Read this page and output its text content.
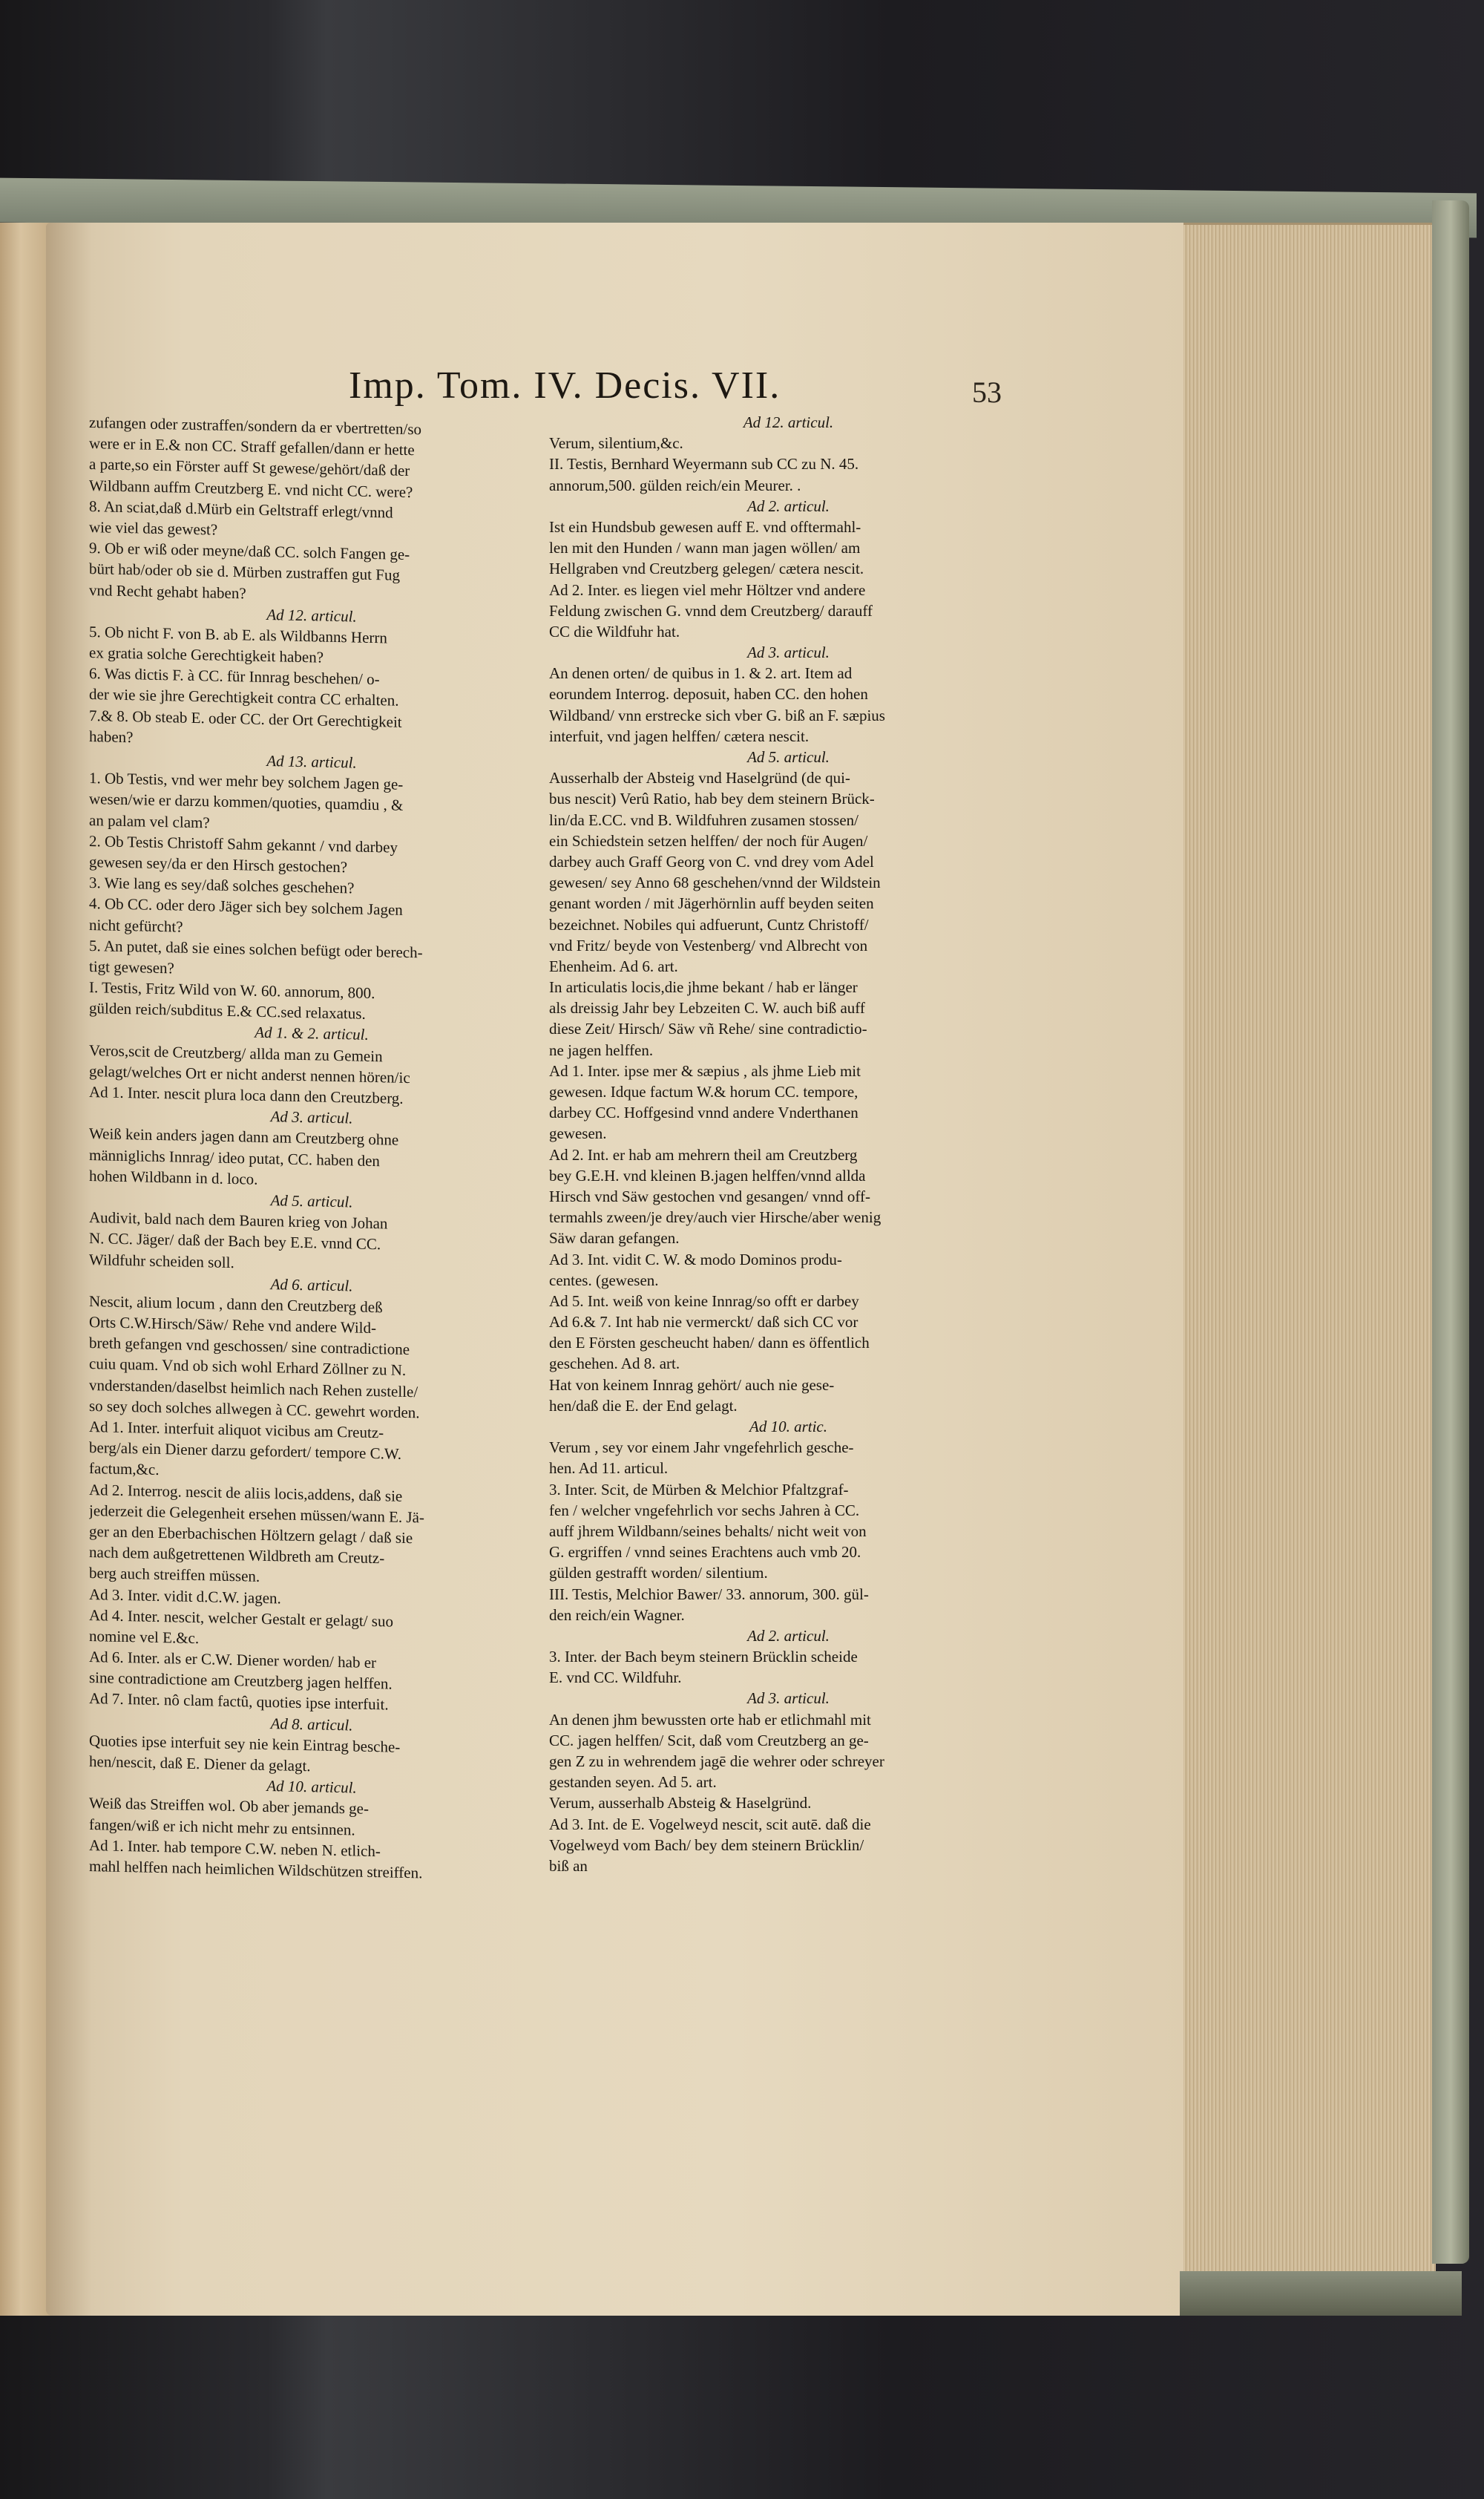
Imp. Tom. IV. Decis. VII.	53
zufangen oder zustraffen/sondern da er vbertretten/so
were er in E.& non CC. Straff gefallen/dann er hette
a parte,so ein Förster auff St gewese/gehört/daß der
Wildbann auffm Creutzberg E. vnd nicht CC. were?
8. An sciat,daß d.Mürb ein Geltstraff erlegt/vnnd
wie viel das gewest?
9. Ob er wiß oder meyne/daß CC. solch Fangen ge-
bürt hab/oder ob sie d. Mürben zustraffen gut Fug
vnd Recht gehabt haben?
Ad 12. articul.
5. Ob nicht F. von B. ab E. als Wildbanns Herrn
ex gratia solche Gerechtigkeit haben?
6. Was dictis F. à CC. für Innrag beschehen/ o-
der wie sie jhre Gerechtigkeit contra CC erhalten.
7.& 8. Ob steab E. oder CC. der Ort Gerechtigkeit
haben?
Ad 13. articul.
1. Ob Testis, vnd wer mehr bey solchem Jagen ge-
wesen/wie er darzu kommen/quoties, quamdiu , &
an palam vel clam?
2. Ob Testis Christoff Sahm gekannt / vnd darbey
gewesen sey/da er den Hirsch gestochen?
3. Wie lang es sey/daß solches geschehen?
4. Ob CC. oder dero Jäger sich bey solchem Jagen
nicht gefürcht?
5. An putet, daß sie eines solchen befügt oder berech-
tigt gewesen?
I. Testis, Fritz Wild von W. 60. annorum, 800.
gülden reich/subditus E.& CC.sed relaxatus.
Ad 1. & 2. articul.
Veros,scit de Creutzberg/ allda man zu Gemein
gelagt/welches Ort er nicht anderst nennen hören/ic
Ad 1. Inter. nescit plura loca dann den Creutzberg.
Ad 3. articul.
Weiß kein anders jagen dann am Creutzberg ohne
männiglichs Innrag/ ideo putat, CC. haben den
hohen Wildbann in d. loco.
Ad 5. articul.
Audivit, bald nach dem Bauren krieg von Johan
N. CC. Jäger/ daß der Bach bey E.E. vnnd CC.
Wildfuhr scheiden soll.
Ad 6. articul.
Nescit, alium locum , dann den Creutzberg deß
Orts C.W.Hirsch/Säw/ Rehe vnd andere Wild-
breth gefangen vnd geschossen/ sine contradictione
cuiu quam. Vnd ob sich wohl Erhard Zöllner zu N.
vnderstanden/daselbst heimlich nach Rehen zustelle/
so sey doch solches allwegen à CC. gewehrt worden.
Ad 1. Inter. interfuit aliquot vicibus am Creutz-
berg/als ein Diener darzu gefordert/ tempore C.W.
factum,&c.
Ad 2. Interrog. nescit de aliis locis,addens, daß sie
jederzeit die Gelegenheit ersehen müssen/wann E. Jä-
ger an den Eberbachischen Höltzern gelagt / daß sie
nach dem außgetrettenen Wildbreth am Creutz-
berg auch streiffen müssen.
Ad 3. Inter. vidit d.C.W. jagen.
Ad 4. Inter. nescit, welcher Gestalt er gelagt/ suo
nomine vel E.&c.
Ad 6. Inter. als er C.W. Diener worden/ hab er
sine contradictione am Creutzberg jagen helffen.
Ad 7. Inter. nô clam factû, quoties ipse interfuit.
Ad 8. articul.
Quoties ipse interfuit sey nie kein Eintrag besche-
hen/nescit, daß E. Diener da gelagt.
Ad 10. articul.
Weiß das Streiffen wol. Ob aber jemands ge-
fangen/wiß er ich nicht mehr zu entsinnen.
Ad 1. Inter. hab tempore C.W. neben N. etlich-
mahl helffen nach heimlichen Wildschützen streiffen.
Ad 12. articul.
Verum, silentium,&c.
II. Testis, Bernhard Weyermann sub CC zu N. 45.
annorum,500. gülden reich/ein Meurer. .
Ad 2. articul.
Ist ein Hundsbub gewesen auff E. vnd offtermahl-
len mit den Hunden / wann man jagen wöllen/ am
Hellgraben vnd Creutzberg gelegen/ cætera nescit.
Ad 2. Inter. es liegen viel mehr Höltzer vnd andere
Feldung zwischen G. vnnd dem Creutzberg/ darauff
CC die Wildfuhr hat.
Ad 3. articul.
An denen orten/ de quibus in 1. & 2. art. Item ad
eorundem Interrog. deposuit, haben CC. den hohen
Wildband/ vnn erstrecke sich vber G. biß an F. sæpius
interfuit, vnd jagen helffen/ cætera nescit.
Ad 5. articul.
Ausserhalb der Absteig vnd Haselgründ (de qui-
bus nescit) Verû Ratio, hab bey dem steinern Brück-
lin/da E.CC. vnd B. Wildfuhren zusamen stossen/
ein Schiedstein setzen helffen/ der noch für Augen/
darbey auch Graff Georg von C. vnd drey vom Adel
gewesen/ sey Anno 68 geschehen/vnnd der Wildstein
genant worden / mit Jägerhörnlin auff beyden seiten
bezeichnet. Nobiles qui adfuerunt, Cuntz Christoff/
vnd Fritz/ beyde von Vestenberg/ vnd Albrecht von
Ehenheim. Ad 6. art.
In articulatis locis,die jhme bekant / hab er länger
als dreissig Jahr bey Lebzeiten C. W. auch biß auff
diese Zeit/ Hirsch/ Säw vñ Rehe/ sine contradictio-
ne jagen helffen.
Ad 1. Inter. ipse mer & sæpius , als jhme Lieb mit
gewesen. Idque factum W.& horum CC. tempore,
darbey CC. Hoffgesind vnnd andere Vnderthanen
gewesen.
Ad 2. Int. er hab am mehrern theil am Creutzberg
bey G.E.H. vnd kleinen B.jagen helffen/vnnd allda
Hirsch vnd Säw gestochen vnd gesangen/ vnnd off-
termahls zween/je drey/auch vier Hirsche/aber wenig
Säw daran gefangen.
Ad 3. Int. vidit C. W. & modo Dominos produ-
centes. (gewesen.
Ad 5. Int. weiß von keine Innrag/so offt er darbey
Ad 6.& 7. Int hab nie vermerckt/ daß sich CC vor
den E Försten gescheucht haben/ dann es öffentlich
geschehen. Ad 8. art.
Hat von keinem Innrag gehört/ auch nie gese-
hen/daß die E. der End gelagt.
Ad 10. artic.
Verum , sey vor einem Jahr vngefehrlich gesche-
hen. Ad 11. articul.
3. Inter. Scit, de Mürben & Melchior Pfaltzgraf-
fen / welcher vngefehrlich vor sechs Jahren à CC.
auff jhrem Wildbann/seines behalts/ nicht weit von
G. ergriffen / vnnd seines Erachtens auch vmb 20.
gülden gestrafft worden/ silentium.
III. Testis, Melchior Bawer/ 33. annorum, 300. gül-
den reich/ein Wagner.
Ad 2. articul.
3. Inter. der Bach beym steinern Brücklin scheide
E. vnd CC. Wildfuhr.
Ad 3. articul.
An denen jhm bewussten orte hab er etlichmahl mit
CC. jagen helffen/ Scit, daß vom Creutzberg an ge-
gen Z zu in wehrendem jagē die wehrer oder schreyer
gestanden seyen. Ad 5. art.
Verum, ausserhalb Absteig & Haselgründ.
Ad 3. Int. de E. Vogelweyd nescit, scit autē. daß die
Vogelweyd vom Bach/ bey dem steinern Brücklin/
biß an
